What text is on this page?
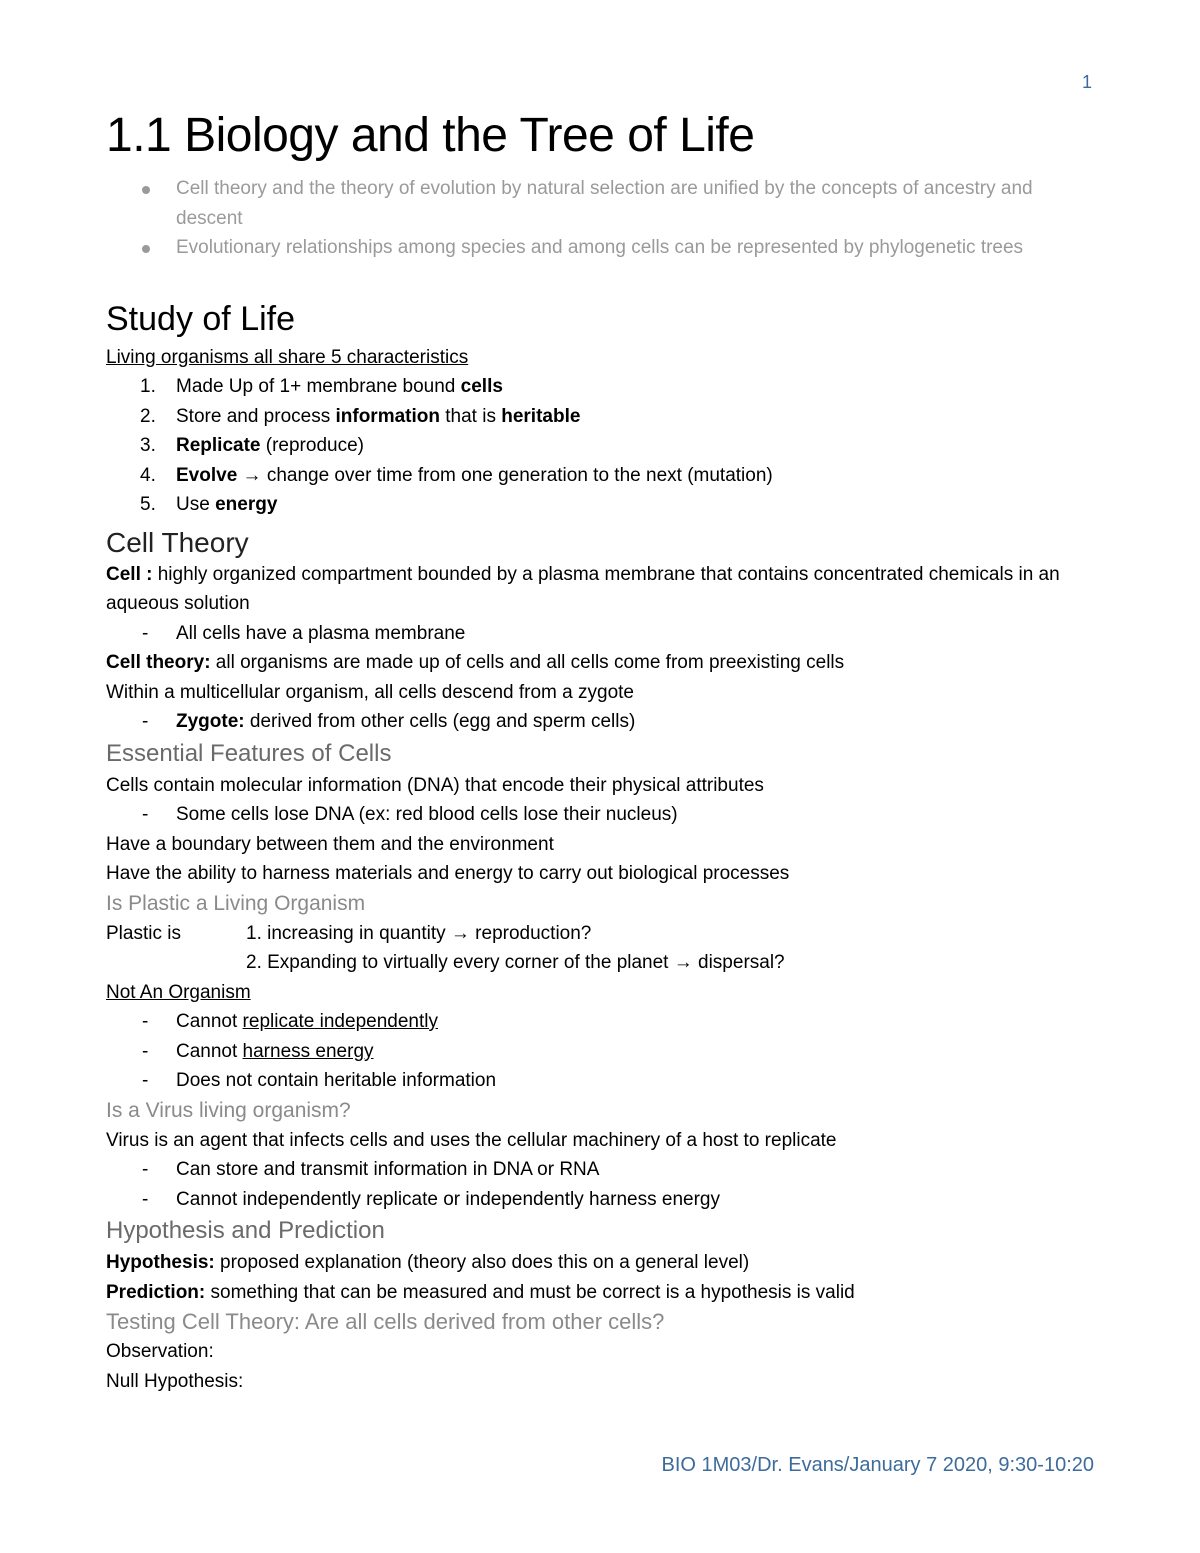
1
1.1 Biology and the Tree of Life
Cell theory and the theory of evolution by natural selection are unified by the concepts of ancestry and descent
Evolutionary relationships among species and among cells can be represented by phylogenetic trees
Study of Life

Living organisms all share 5 characteristics

1. Made Up of 1+ membrane bound cells
2. Store and process information that is heritable
3. Replicate (reproduce)
4. Evolve → change over time from one generation to the next (mutation)
5. Use energy
Cell Theory

Cell : highly organized compartment bounded by a plasma membrane that contains concentrated chemicals in an aqueous solution

- All cells have a plasma membrane

Cell theory: all organisms are made up of cells and all cells come from preexisting cells

Within a multicellular organism, all cells descend from a zygote

- Zygote: derived from other cells (egg and sperm cells)
Essential Features of Cells

Cells contain molecular information (DNA) that encode their physical attributes

- Some cells lose DNA (ex: red blood cells lose their nucleus)

Have a boundary between them and the environment

Have the ability to harness materials and energy to carry out biological processes

Is Plastic a Living Organism
Plastic is	1. increasing in quantity → reproduction?
2. Expanding to virtually every corner of the planet → dispersal?

Not An Organism

- Cannot replicate independently
- Cannot harness energy
- Does not contain heritable information
Is a Virus living organism?

Virus is an agent that infects cells and uses the cellular machinery of a host to replicate

- Can store and transmit information in DNA or RNA
- Cannot independently replicate or independently harness energy
Hypothesis and Prediction

Hypothesis: proposed explanation (theory also does this on a general level)

Prediction: something that can be measured and must be correct is a hypothesis is valid

Testing Cell Theory: Are all cells derived from other cells?

Observation:

Null Hypothesis:

BIO 1M03/Dr. Evans/January 7 2020, 9:30-10:20
